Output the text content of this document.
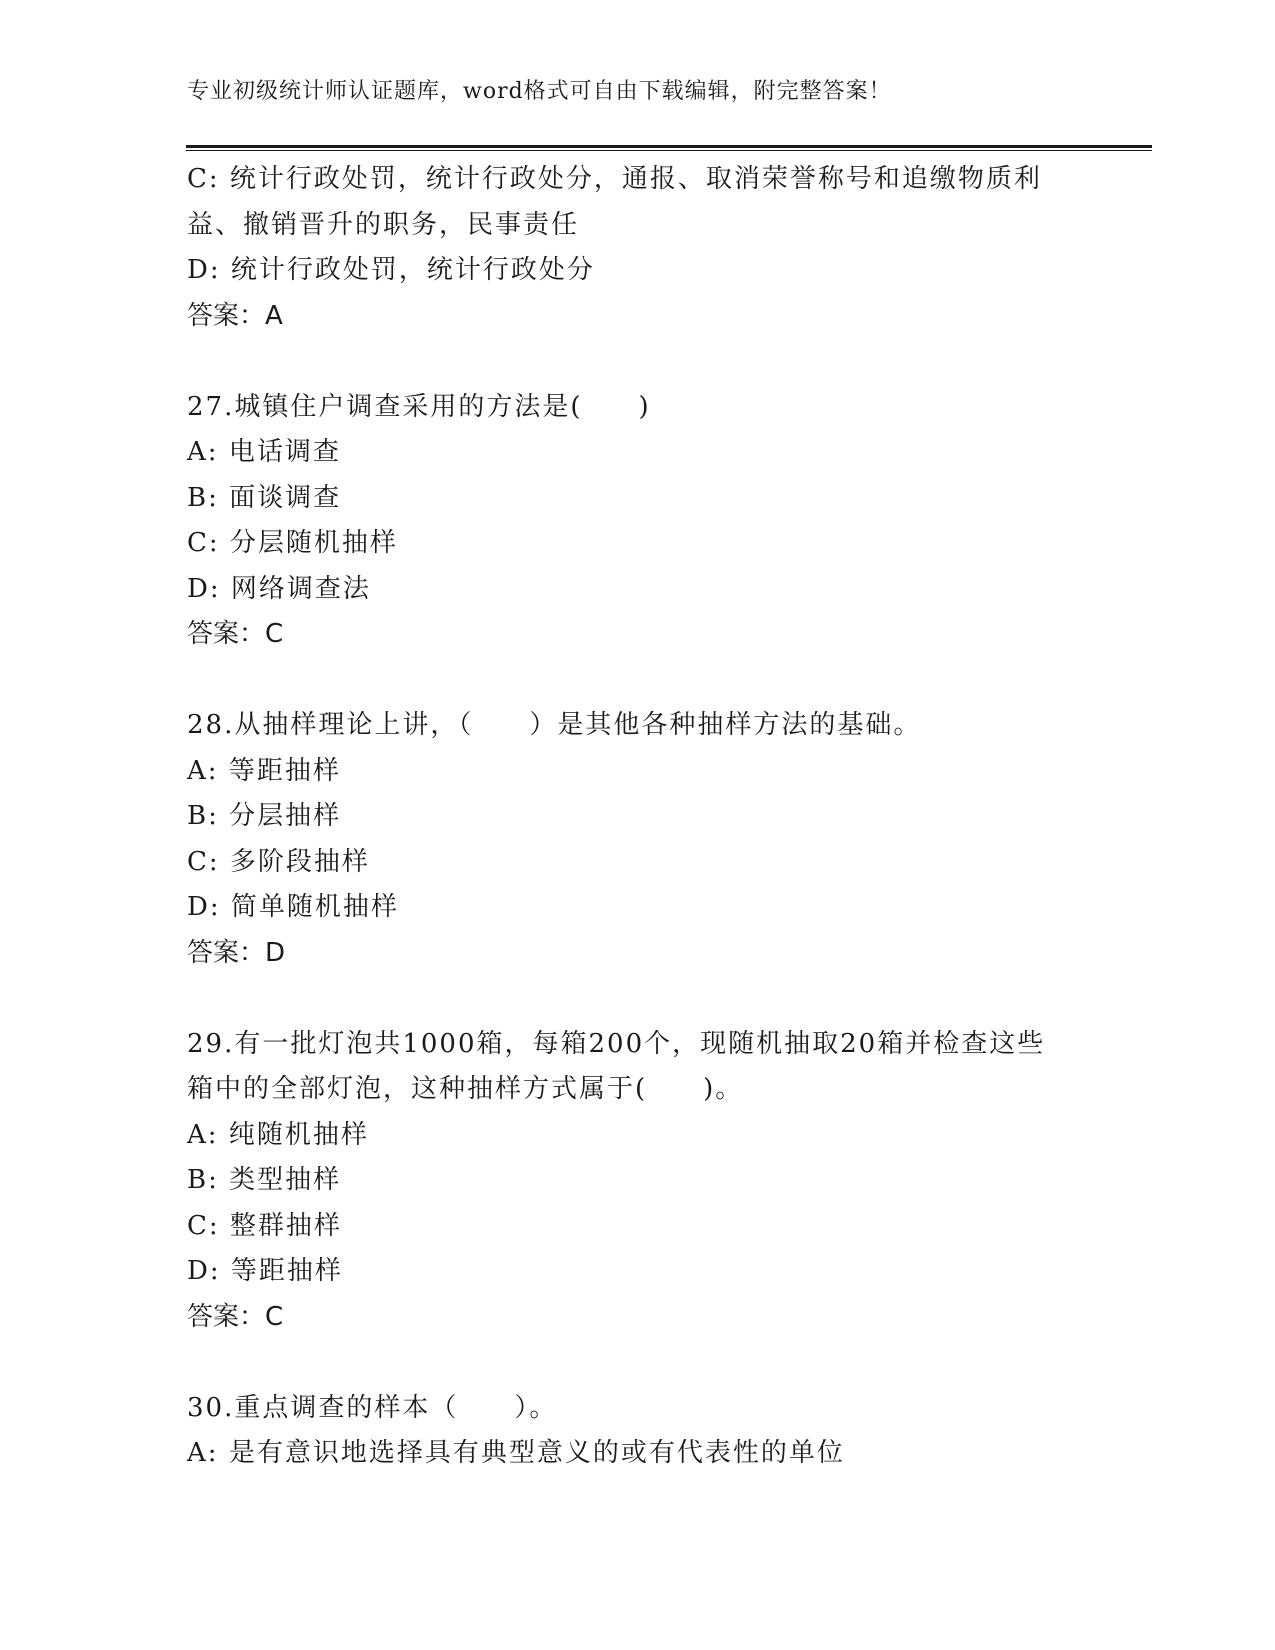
专业初级统计师认证题库，word格式可自由下载编辑，附完整答案！
C: 统计行政处罚，统计行政处分，通报、取消荣誉称号和追缴物质利
益、撤销晋升的职务，民事责任
D: 统计行政处罚，统计行政处分
答案：A
27.城镇住户调查采用的方法是(　　)
A: 电话调查
B: 面谈调查
C: 分层随机抽样
D: 网络调查法
答案：C
28.从抽样理论上讲，（　　）是其他各种抽样方法的基础。
A: 等距抽样
B: 分层抽样
C: 多阶段抽样
D: 简单随机抽样
答案：D
29.有一批灯泡共1000箱，每箱200个，现随机抽取20箱并检查这些
箱中的全部灯泡，这种抽样方式属于(　　)。
A: 纯随机抽样
B: 类型抽样
C: 整群抽样
D: 等距抽样
答案：C
30.重点调查的样本（　　）。
A: 是有意识地选择具有典型意义的或有代表性的单位
